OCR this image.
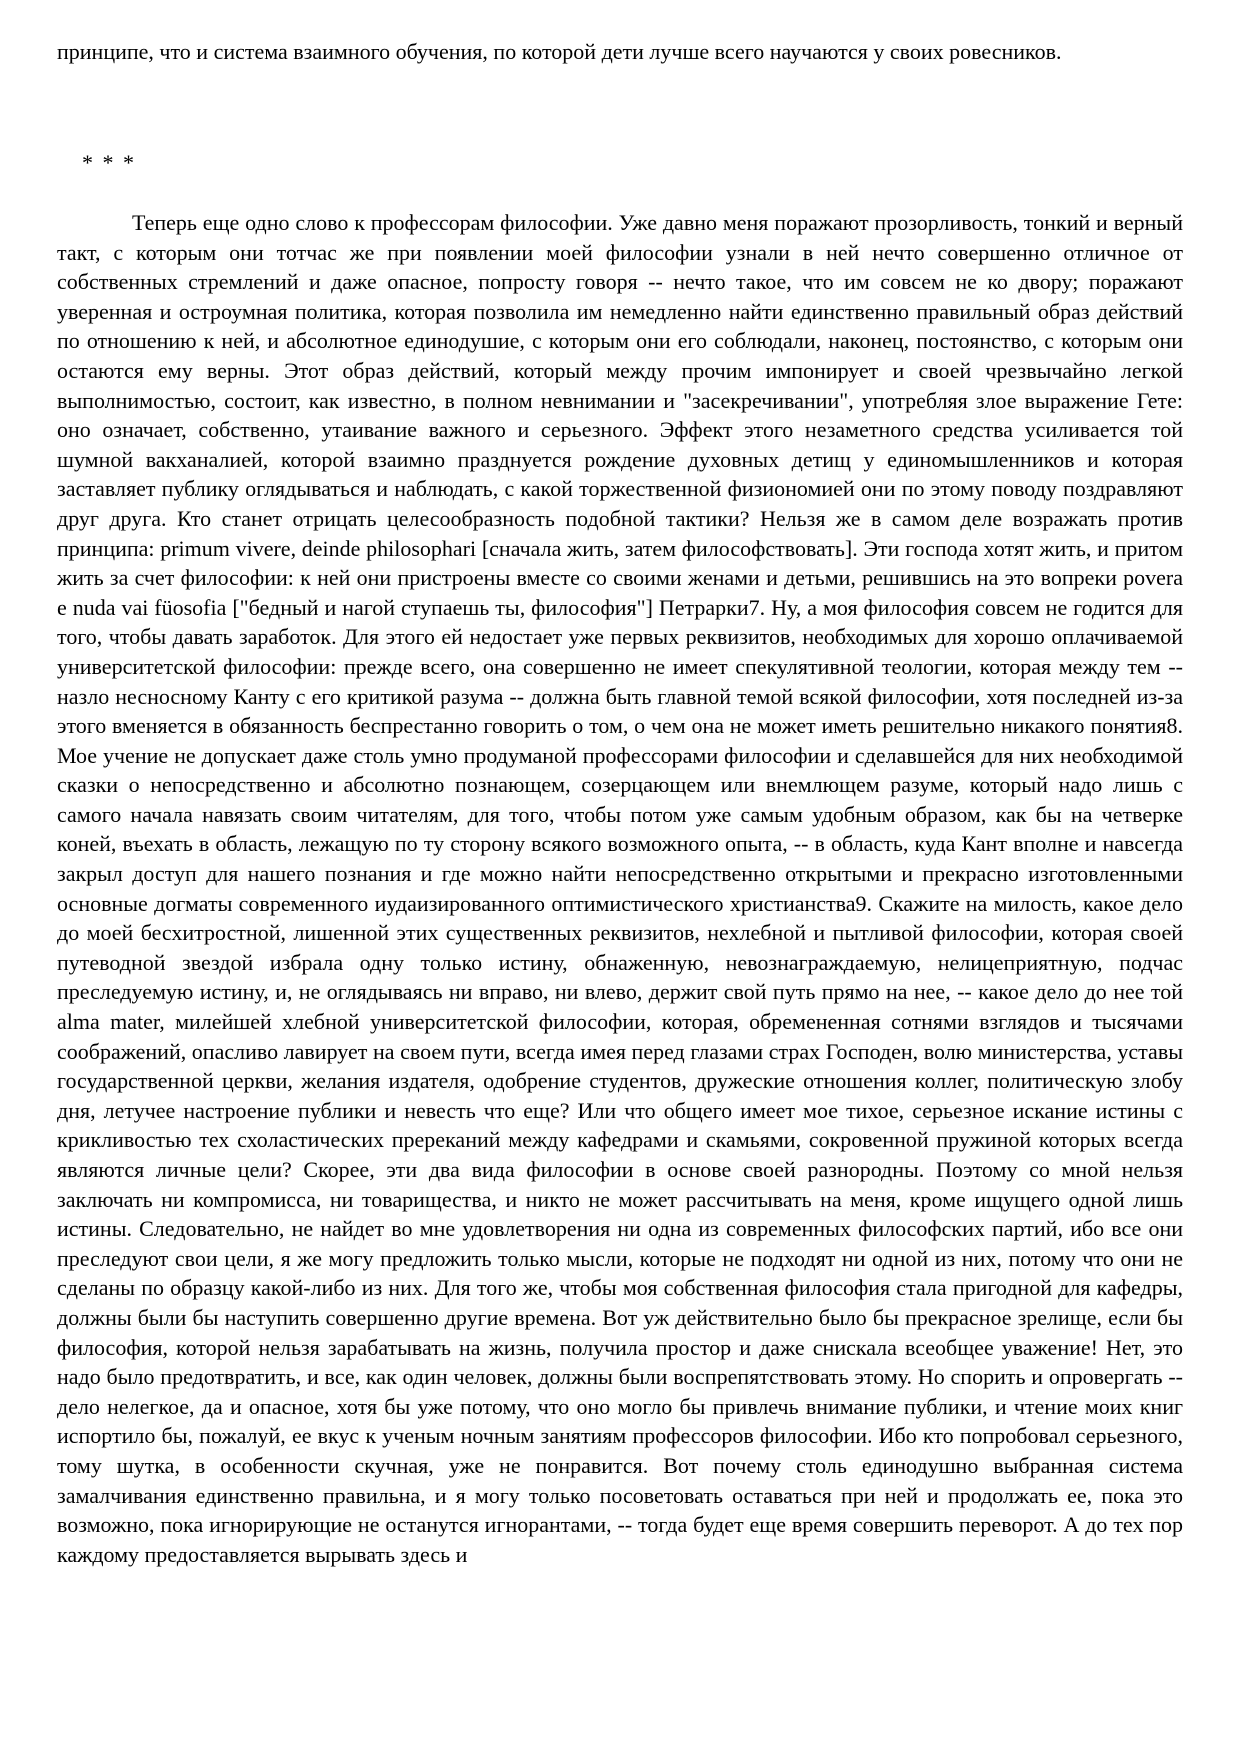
принципе, что и система взаимного обучения, по которой дети лучше всего научаются у своих ровесников.

* * *

Теперь еще одно слово к профессорам философии. Уже давно меня поражают прозорливость, тонкий и верный такт, с которым они тотчас же при появлении моей философии узнали в ней нечто совершенно отличное от собственных стремлений и даже опасное, попросту говоря -- нечто такое, что им совсем не ко двору; поражают уверенная и остроумная политика, которая позволила им немедленно найти единственно правильный образ действий по отношению к ней, и абсолютное единодушие, с которым они его соблюдали, наконец, постоянство, с которым они остаются ему верны. Этот образ действий, который между прочим импонирует и своей чрезвычайно легкой выполнимостью, состоит, как известно, в полном невнимании и "засекречивании", употребляя злое выражение Гете: оно означает, собственно, утаивание важного и серьезного. Эффект этого незаметного средства усиливается той шумной вакханалией, которой взаимно празднуется рождение духовных детищ у единомышленников и которая заставляет публику оглядываться и наблюдать, с какой торжественной физиономией они по этому поводу поздравляют друг друга. Кто станет отрицать целесообразность подобной тактики? Нельзя же в самом деле возражать против принципа: primum vivere, deinde philosophari [сначала жить, затем философствовать]. Эти господа хотят жить, и притом жить за счет философии: к ней они пристроены вместе со своими женами и детьми, решившись на это вопреки povera e nuda vai füosofia ["бедный и нагой ступаешь ты, философия"] Петрарки7. Ну, а моя философия совсем не годится для того, чтобы давать заработок. Для этого ей недостает уже первых реквизитов, необходимых для хорошо оплачиваемой университетской философии: прежде всего, она совершенно не имеет спекулятивной теологии, которая между тем -- назло несносному Канту с его критикой разума -- должна быть главной темой всякой философии, хотя последней из-за этого вменяется в обязанность беспрестанно говорить о том, о чем она не может иметь решительно никакого понятия8. Мое учение не допускает даже столь умно продуманой профессорами философии и сделавшейся для них необходимой сказки о непосредственно и абсолютно познающем, созерцающем или внемлющем разуме, который надо лишь с самого начала навязать своим читателям, для того, чтобы потом уже самым удобным образом, как бы на четверке коней, въехать в область, лежащую по ту сторону всякого возможного опыта, -- в область, куда Кант вполне и навсегда закрыл доступ для нашего познания и где можно найти непосредственно открытыми и прекрасно изготовленными основные догматы современного иудаизированного оптимистического христианства9. Скажите на милость, какое дело до моей бесхитростной, лишенной этих существенных реквизитов, нехлебной и пытливой философии, которая своей путеводной звездой избрала одну только истину, обнаженную, невознаграждаемую, нелицеприятную, подчас преследуемую истину, и, не оглядываясь ни вправо, ни влево, держит свой путь прямо на нее, -- какое дело до нее той alma mater, милейшей хлебной университетской философии, которая, обремененная сотнями взглядов и тысячами соображений, опасливо лавирует на своем пути, всегда имея перед глазами страх Господен, волю министерства, уставы государственной церкви, желания издателя, одобрение студентов, дружеские отношения коллег, политическую злобу дня, летучее настроение публики и невесть что еще? Или что общего имеет мое тихое, серьезное искание истины с крикливостью тех схоластических пререканий между кафедрами и скамьями, сокровенной пружиной которых всегда являются личные цели? Скорее, эти два вида философии в основе своей разнородны. Поэтому со мной нельзя заключать ни компромисса, ни товарищества, и никто не может рассчитывать на меня, кроме ищущего одной лишь истины. Следовательно, не найдет во мне удовлетворения ни одна из современных философских партий, ибо все они преследуют свои цели, я же могу предложить только мысли, которые не подходят ни одной из них, потому что они не сделаны по образцу какой-либо из них. Для того же, чтобы моя собственная философия стала пригодной для кафедры, должны были бы наступить совершенно другие времена. Вот уж действительно было бы прекрасное зрелище, если бы философия, которой нельзя зарабатывать на жизнь, получила простор и даже снискала всеобщее уважение! Нет, это надо было предотвратить, и все, как один человек, должны были воспрепятствовать этому. Но спорить и опровергать -- дело нелегкое, да и опасное, хотя бы уже потому, что оно могло бы привлечь внимание публики, и чтение моих книг испортило бы, пожалуй, ее вкус к ученым ночным занятиям профессоров философии. Ибо кто попробовал серьезного, тому шутка, в особенности скучная, уже не понравится. Вот почему столь единодушно выбранная система замалчивания единственно правильна, и я могу только посоветовать оставаться при ней и продолжать ее, пока это возможно, пока игнорирующие не останутся игнорантами, -- тогда будет еще время совершить переворот. А до тех пор каждому предоставляется вырывать здесь и
